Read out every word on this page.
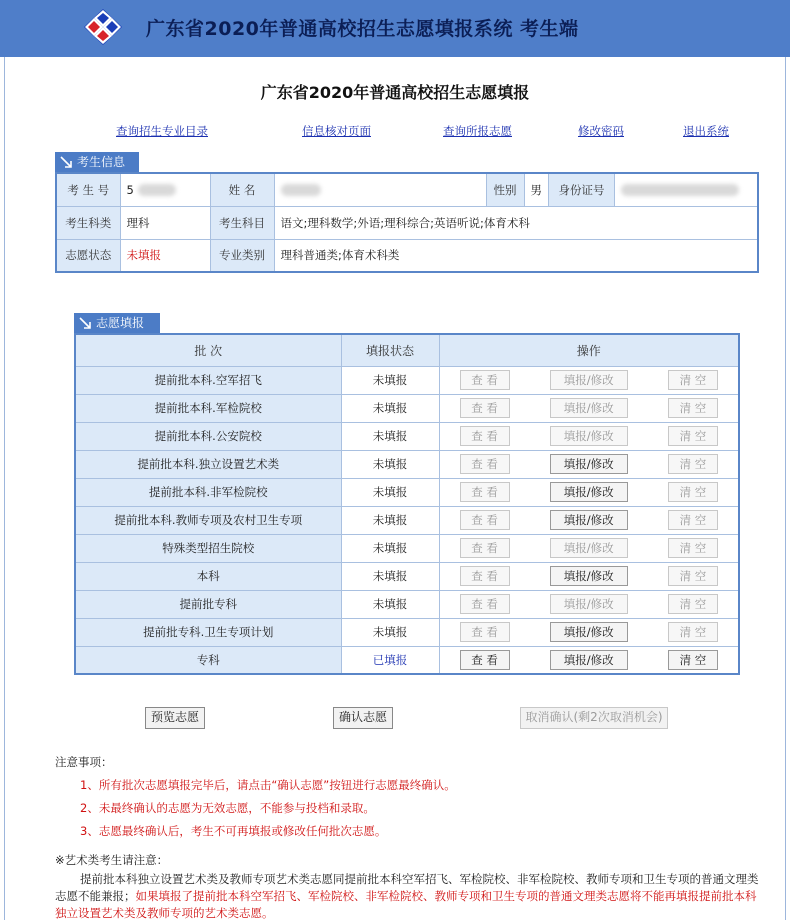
广东省2020年普通高校招生志愿填报系统 考生端
广东省2020年普通高校招生志愿填报
查询招生专业目录	信息核对页面	查询所报志愿	修改密码	退出系统
考生信息
考 生 号	5	姓 名		性别	男	身份证号	
考生科类	理科	考生科目	语文;理科数学;外语;理科综合;英语听说;体育术科				
志愿状态	未填报	专业类别	理科普通类;体育术科类				
志愿填报
批 次	填报状态	操作
提前批本科.空军招飞	未填报	查 看 填报/修改 清 空

提前批本科.军检院校	未填报	查 看 填报/修改 清 空

提前批本科.公安院校	未填报	查 看 填报/修改 清 空

提前批本科.独立设置艺术类	未填报	查 看 填报/修改 清 空

提前批本科.非军检院校	未填报	查 看 填报/修改 清 空

提前批本科.教师专项及农村卫生专项	未填报	查 看 填报/修改 清 空

特殊类型招生院校	未填报	查 看 填报/修改 清 空

本科	未填报	查 看 填报/修改 清 空

提前批专科	未填报	查 看 填报/修改 清 空

提前批专科.卫生专项计划	未填报	查 看 填报/修改 清 空

专科	已填报	查 看 填报/修改 清 空
预览志愿	确认志愿	取消确认(剩2次取消机会)
注意事项：
1、所有批次志愿填报完毕后，请点击“确认志愿”按钮进行志愿最终确认。
2、未最终确认的志愿为无效志愿，不能参与投档和录取。
3、志愿最终确认后，考生不可再填报或修改任何批次志愿。
※艺术类考生请注意：
提前批本科独立设置艺术类及教师专项艺术类志愿同提前批本科空军招飞、军检院校、非军检院校、教师专项和卫生专项的普通文理类志愿不能兼报；如果填报了提前批本科空军招飞、军检院校、非军检院校、教师专项和卫生专项的普通文理类志愿将不能再填报提前批本科独立设置艺术类及教师专项的艺术类志愿。
